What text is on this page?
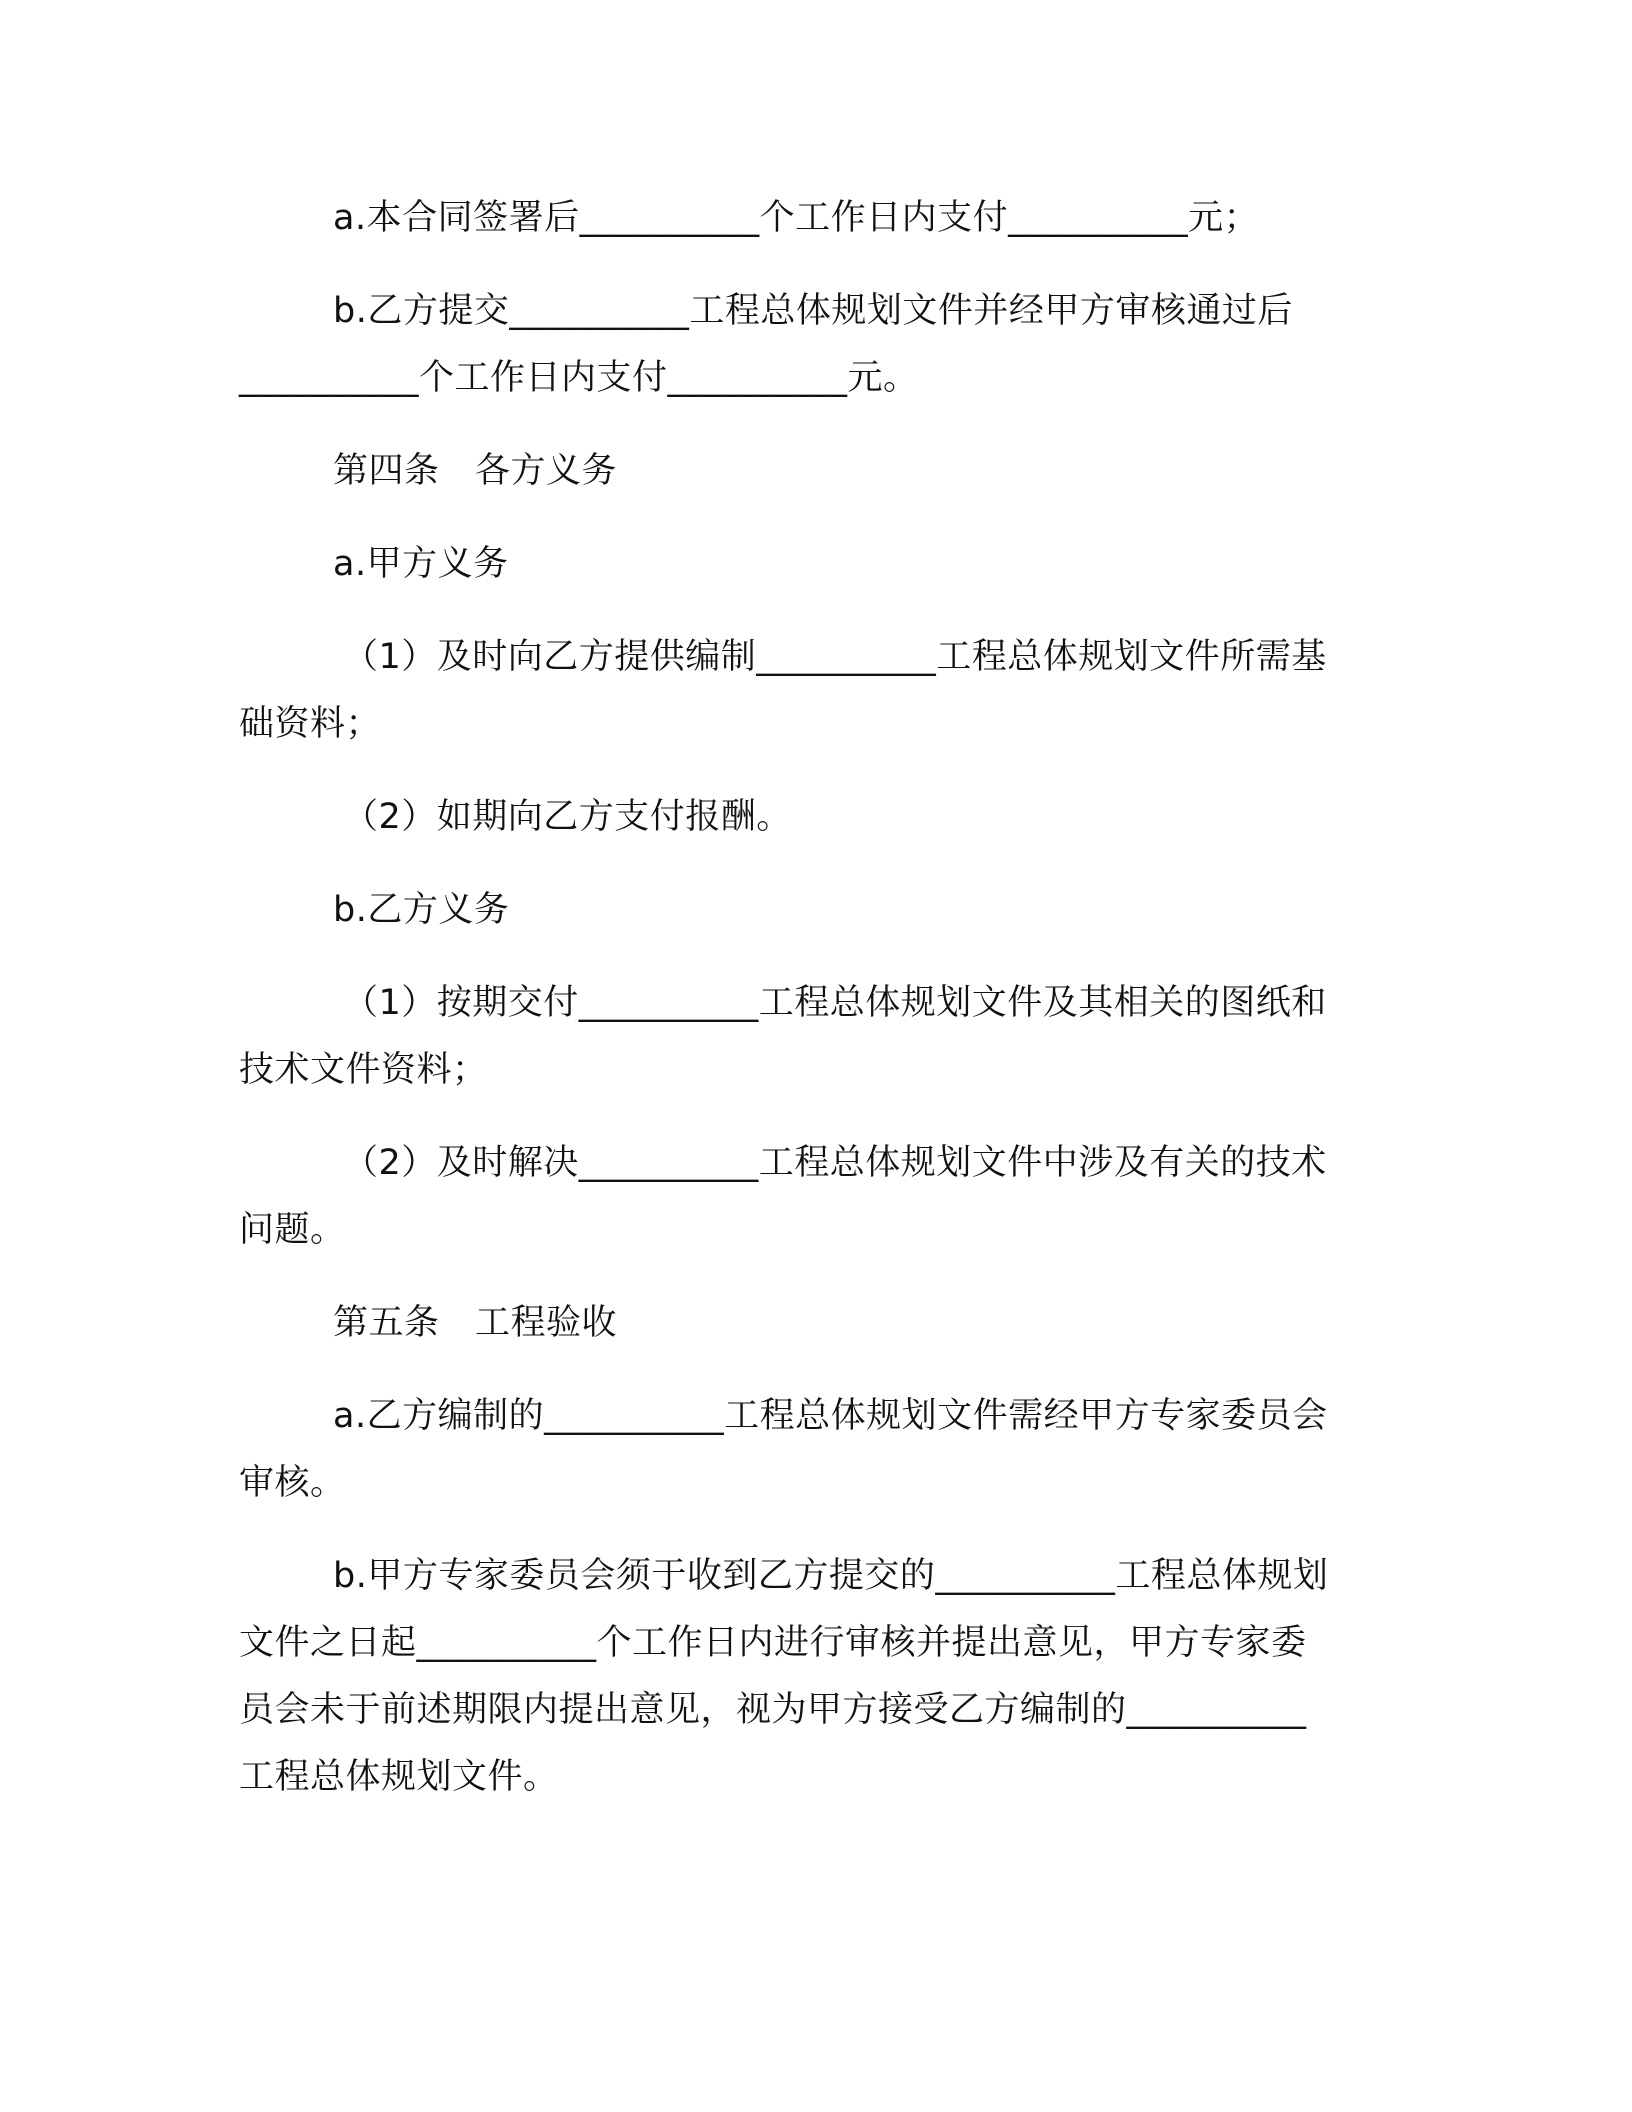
a.本合同签署后__________个工作日内支付__________元；
b.乙方提交__________工程总体规划文件并经甲方审核通过后
__________个工作日内支付__________元。
第四条　各方义务
a.甲方义务
（1）及时向乙方提供编制__________工程总体规划文件所需基
础资料；
（2）如期向乙方支付报酬。
b.乙方义务
（1）按期交付__________工程总体规划文件及其相关的图纸和
技术文件资料；
（2）及时解决__________工程总体规划文件中涉及有关的技术
问题。
第五条　工程验收
a.乙方编制的__________工程总体规划文件需经甲方专家委员会
审核。
b.甲方专家委员会须于收到乙方提交的__________工程总体规划
文件之日起__________个工作日内进行审核并提出意见，甲方专家委
员会未于前述期限内提出意见，视为甲方接受乙方编制的__________
工程总体规划文件。
